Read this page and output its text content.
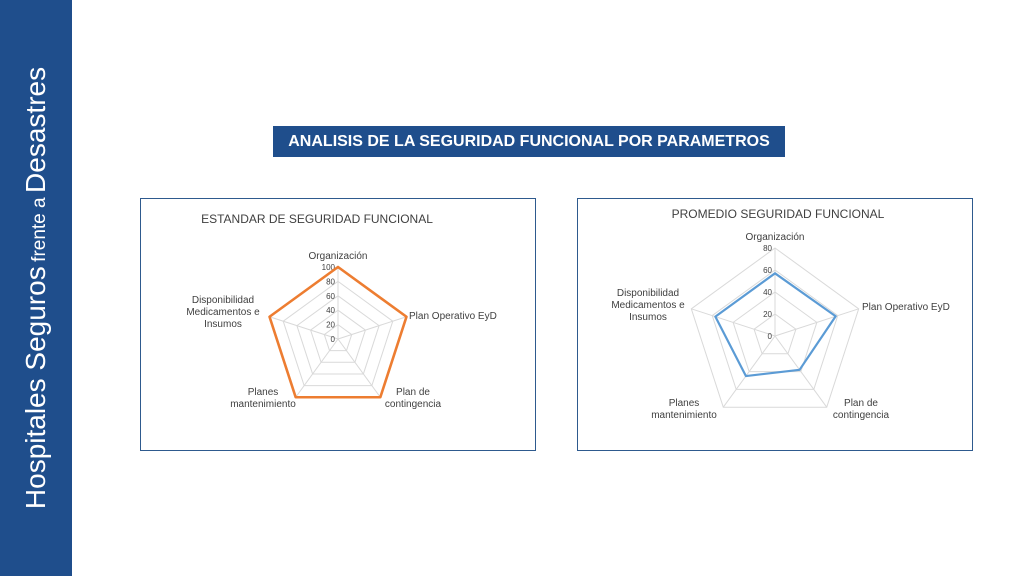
Hospitales Seguros frente a Desastres	ANALISIS DE LA SEGURIDAD FUNCIONAL POR PARAMETROS
ESTANDAR DE SEGURIDAD FUNCIONAL
0
20
40
60
80
100
Organización
Plan Operativo EyD
Plan de contingencia
Planes mantenimiento
Disponibilidad Medicamentos e Insumos
PROMEDIO SEGURIDAD FUNCIONAL
0
20
40
60
80
Organización
Plan Operativo EyD
Plan de contingencia
Planes mantenimiento
Disponibilidad Medicamentos e Insumos
